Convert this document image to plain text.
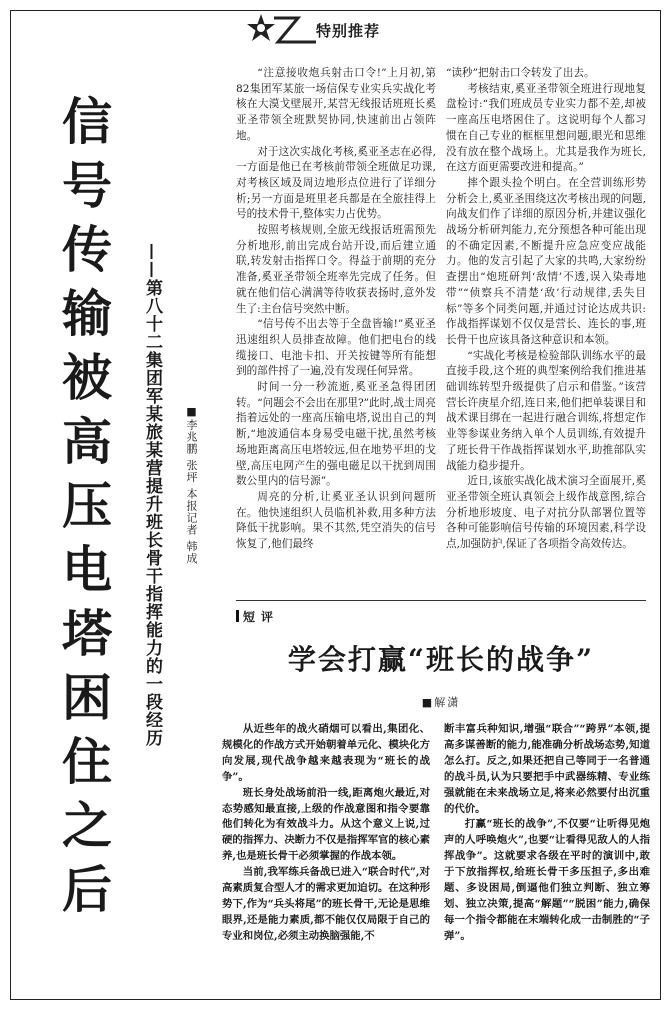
特别推荐
信
号
传
输
被
高
压
电
塔
困
住
之
后
——第八十二集团军某旅某营提升班长骨干指挥能力的一段经历	■李兆鹏 张坪 本报记者 韩成

“注意接收炮兵射击口令!”上月初,第82集团军某旅一场信保专业实兵实战化考核在大漠戈壁展开,某营无线报话班班长奚亚圣带领全班默契协同,快速前出占领阵地。

对于这次实战化考核,奚亚圣志在必得,一方面是他已在考核前带领全班做足功课,对考核区域及周边地形点位进行了详细分析;另一方面是班里老兵都是在全旅挂得上号的技术骨干,整体实力占优势。

按照考核规则,全旅无线报话班需预先分析地形,前出完成台站开设,而后建立通联,转发射击指挥口令。得益于前期的充分准备,奚亚圣带领全班率先完成了任务。但就在他们信心满满等待收获表扬时,意外发生了:主台信号突然中断。

“信号传不出去等于全盘皆输!”奚亚圣迅速组织人员排查故障。他们把电台的线缆接口、电池卡扣、开关按键等所有能想到的部件捋了一遍,没有发现任何异常。

时间一分一秒流逝,奚亚圣急得团团转。“问题会不会出在那里?”此时,战士周亮指着远处的一座高压输电塔,说出自己的判断,“地波通信本身易受电磁干扰,虽然考核场地距离高压电塔较远,但在地势平坦的戈壁,高压电网产生的强电磁足以干扰到周围数公里内的信号源”。

周亮的分析,让奚亚圣认识到问题所在。他快速组织人员临机补救,用多种方法降低干扰影响。果不其然,凭空消失的信号恢复了,他们最终

“读秒”把射击口令转发了出去。

考核结束,奚亚圣带领全班进行现地复盘检讨:“我们班成员专业实力都不差,却被一座高压电塔困住了。这说明每个人都习惯在自己专业的框框里想问题,眼光和思维没有放在整个战场上。尤其是我作为班长,在这方面更需要改进和提高。”

摔个跟头捡个明白。在全营训练形势分析会上,奚亚圣围绕这次考核出现的问题,向战友们作了详细的原因分析,并建议强化战场分析研判能力,充分预想各种可能出现的不确定因素,不断提升应急应变应战能力。他的发言引起了大家的共鸣,大家纷纷查摆出“炮班研判‘敌情’不透,误入染毒地带”“侦察兵不清楚‘敌’行动规律,丢失目标”等多个同类问题,并通过讨论达成共识:作战指挥谋划不仅仅是营长、连长的事,班长骨干也应该具备这种意识和本领。

“实战化考核是检验部队训练水平的最直接手段,这个班的典型案例给我们推进基础训练转型升级提供了启示和借鉴。”该营营长许庚星介绍,连日来,他们把单装课目和战术课目绑在一起进行融合训练,将想定作业等参谋业务纳入单个人员训练,有效提升了班长骨干作战指挥谋划水平,助推部队实战能力稳步提升。

近日,该旅实战化战术演习全面展开,奚亚圣带领全班认真领会上级作战意图,综合分析地形坡度、电子对抗分队部署位置等各种可能影响信号传输的环境因素,科学设点,加强防护,保证了各项指令高效传达。

短评
学会打赢“班长的战争”
■解潇

从近些年的战火硝烟可以看出,集团化、规模化的作战方式开始朝着单元化、模块化方向发展,现代战争越来越表现为“班长的战争”。

班长身处战场前沿一线,距离炮火最近,对态势感知最直接,上级的作战意图和指令要靠他们转化为有效战斗力。从这个意义上说,过硬的指挥力、决断力不仅是指挥军官的核心素养,也是班长骨干必须掌握的作战本领。

当前,我军练兵备战已进入“联合时代”,对高素质复合型人才的需求更加迫切。在这种形势下,作为“兵头将尾”的班长骨干,无论是思维眼界,还是能力素质,都不能仅仅局限于自己的专业和岗位,必须主动换脑强能,不

断丰富兵种知识,增强“联合”“跨界”本领,提高多谋善断的能力,能准确分析战场态势,知道怎么打。反之,如果还把自己等同于一名普通的战斗员,认为只要把手中武器练精、专业练强就能在未来战场立足,将来必然要付出沉重的代价。

打赢“班长的战争”,不仅要“让听得见炮声的人呼唤炮火”,也要“让看得见敌人的人指挥战争”。这就要求各级在平时的演训中,敢于下放指挥权,给班长骨干多压担子,多出难题、多设困局,倒逼他们独立判断、独立筹划、独立决策,提高“解题”“脱困”能力,确保每一个指令都能在末端转化成一击制胜的“子弹”。
